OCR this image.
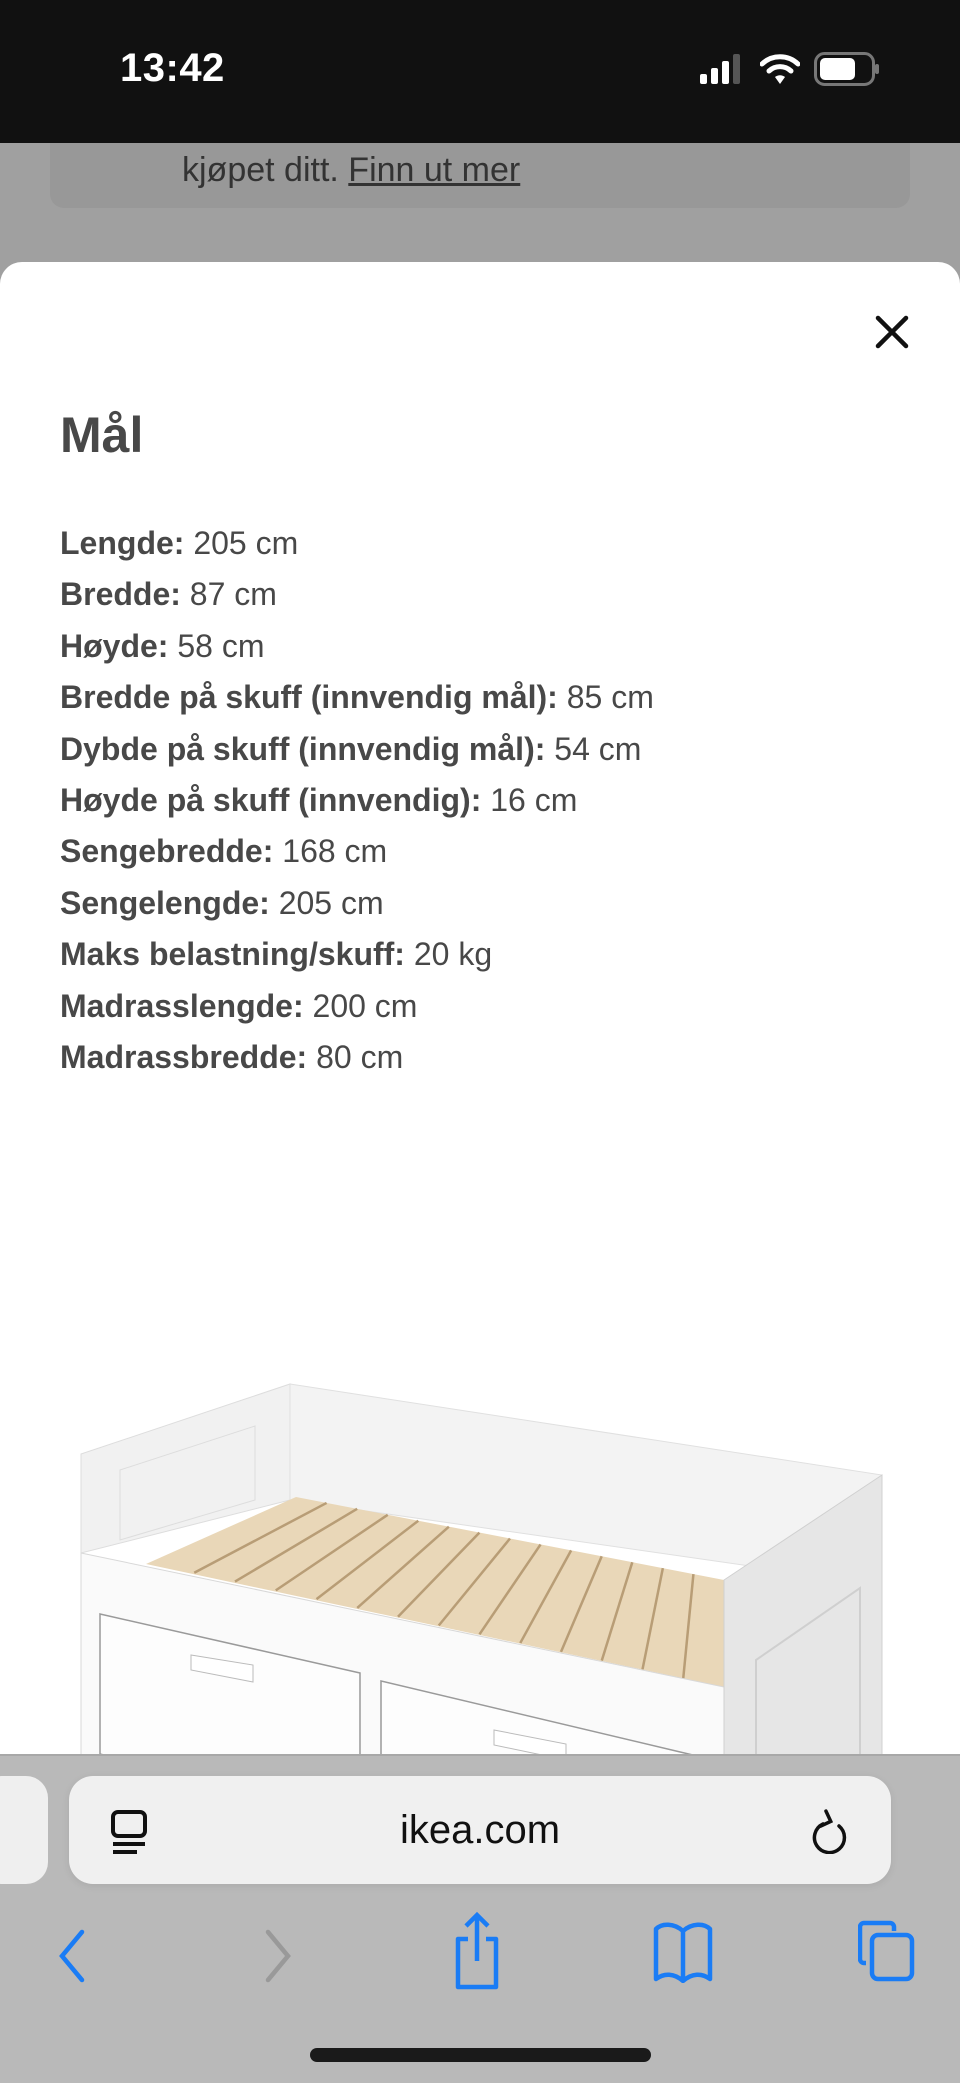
13:42
kjøpet ditt. Finn ut mer
Mål
Lengde: 205 cm
Bredde: 87 cm
Høyde: 58 cm
Bredde på skuff (innvendig mål): 85 cm
Dybde på skuff (innvendig mål): 54 cm
Høyde på skuff (innvendig): 16 cm
Sengebredde: 168 cm
Sengelengde: 205 cm
Maks belastning/skuff: 20 kg
Madrasslengde: 200 cm
Madrassbredde: 80 cm
ikea.com
